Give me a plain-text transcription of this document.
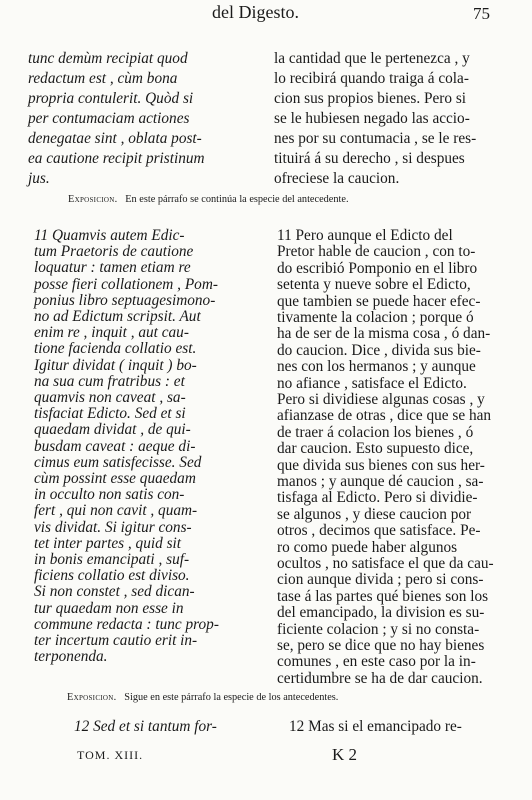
del Digesto.	75
tunc demùm recipiat quod
redactum est , cùm bona
propria contulerit. Quòd si
per contumaciam actiones
denegatae sint , oblata post-
ea cautione recipit pristinum
jus.
la cantidad que le pertenezca , y
lo recibirá quando traiga á cola-
cion sus propios bienes. Pero si
se le hubiesen negado las accio-
nes por su contumacia , se le res-
tituirá á su derecho , si despues
ofreciese la caucion.
Exposicion. En este párrafo se continúa la especie del antecedente.
11 Quamvis autem Edic-
tum Praetoris de cautione
loquatur : tamen etiam re
posse fieri collationem , Pom-
ponius libro septuagesimono-
no ad Edictum scripsit. Aut
enim re , inquit , aut cau-
tione facienda collatio est.
Igitur dividat ( inquit ) bo-
na sua cum fratribus : et
quamvis non caveat , sa-
tisfaciat Edicto. Sed et si
quaedam dividat , de qui-
busdam caveat : aeque di-
cimus eum satisfecisse. Sed
cùm possint esse quaedam
in occulto non satis con-
fert , qui non cavit , quam-
vis dividat. Si igitur cons-
tet inter partes , quid sit
in bonis emancipati , suf-
ficiens collatio est diviso.
Si non constet , sed dican-
tur quaedam non esse in
commune redacta : tunc prop-
ter incertum cautio erit in-
terponenda.
11 Pero aunque el Edicto del
Pretor hable de caucion , con to-
do escribió Pomponio en el libro
setenta y nueve sobre el Edicto,
que tambien se puede hacer efec-
tivamente la colacion ; porque ó
ha de ser de la misma cosa , ó dan-
do caucion. Dice , divida sus bie-
nes con los hermanos ; y aunque
no afiance , satisface el Edicto.
Pero si dividiese algunas cosas , y
afianzase de otras , dice que se han
de traer á colacion los bienes , ó
dar caucion. Esto supuesto dice,
que divida sus bienes con sus her-
manos ; y aunque dé caucion , sa-
tisfaga al Edicto. Pero si dividie-
se algunos , y diese caucion por
otros , decimos que satisface. Pe-
ro como puede haber algunos
ocultos , no satisface el que da cau-
cion aunque divida ; pero si cons-
tase á las partes qué bienes son los
del emancipado, la division es su-
ficiente colacion ; y si no consta-
se, pero se dice que no hay bienes
comunes , en este caso por la in-
certidumbre se ha de dar caucion.
Exposicion. Sigue en este párrafo la especie de los antecedentes.
12 Sed et si tantum for-	12 Mas si el emancipado re-
TOM. XIII.	K 2
